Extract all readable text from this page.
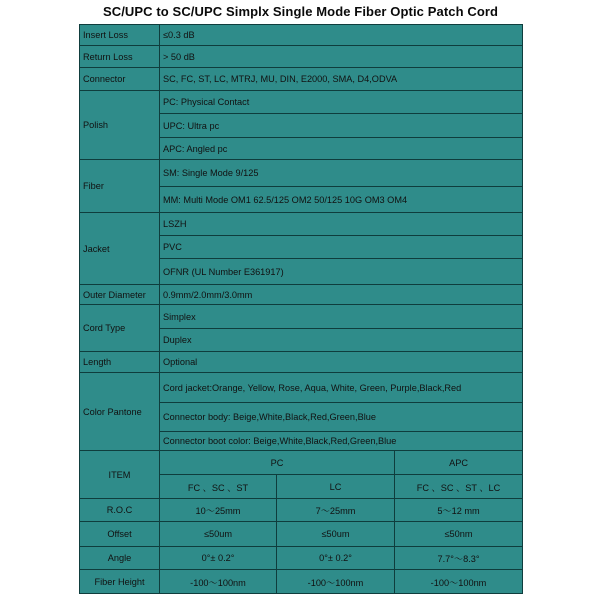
SC/UPC to SC/UPC Simplx Single Mode Fiber Optic Patch Cord
Insert Loss	≤0.3 dB		
Return Loss	> 50 dB		
Connector	SC, FC, ST, LC, MTRJ, MU, DIN, E2000, SMA, D4,ODVA		
Polish	PC: Physical Contact		
	UPC: Ultra pc		
	APC: Angled pc		
Fiber	SM: Single Mode 9/125		
	MM: Multi Mode OM1 62.5/125 OM2 50/125 10G OM3 OM4		
Jacket	LSZH		
	PVC		
	OFNR (UL Number E361917)		
Outer Diameter	0.9mm/2.0mm/3.0mm		
Cord Type	Simplex		
	Duplex		
Length	Optional		
Color Pantone	Cord jacket:Orange, Yellow, Rose, Aqua, White, Green, Purple,Black,Red		
	Connector body: Beige,White,Black,Red,Green,Blue		
	Connector boot color: Beige,White,Black,Red,Green,Blue		
ITEM	PC		APC
	FC 、SC 、ST	LC	FC 、SC 、ST 、LC
R.O.C	10～25mm	7～25mm	5～12 mm
Offset	≤50um	≤50um	≤50nm
Angle	0°± 0.2°	0°± 0.2°	7.7°～8.3°
Fiber Height	-100～100nm	-100～100nm	-100～100nm
